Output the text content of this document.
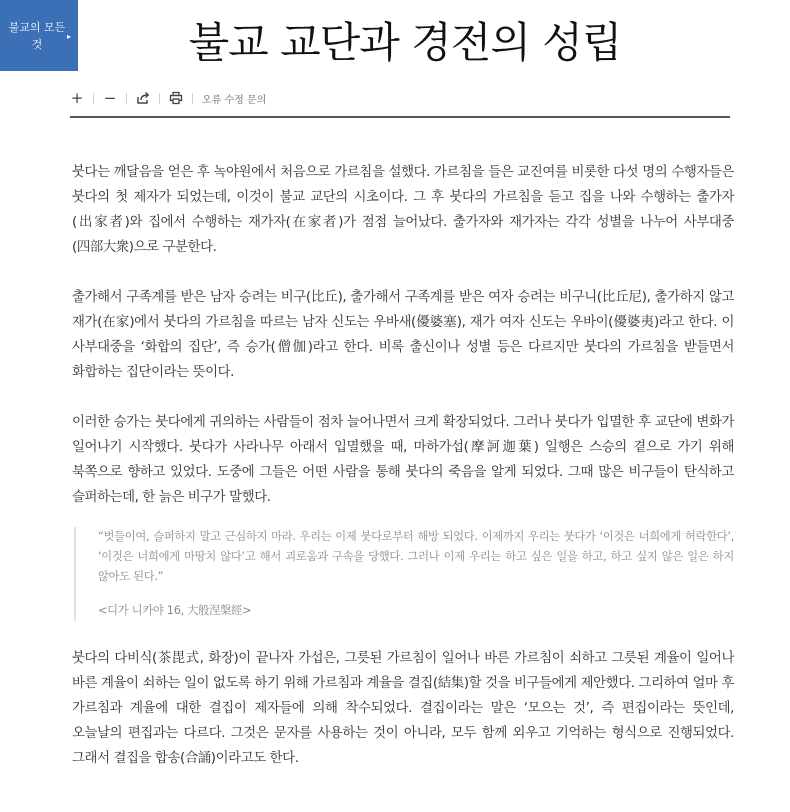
불교의 모든 것
▸	불교 교단과 경전의 성립
+ −	오류 수정 문의

붓다는 깨달음을 얻은 후 녹야원에서 처음으로 가르침을 설했다. 가르침을 들은 교진여를 비롯한 다섯 명의 수행자들은 붓다의 첫 제자가 되었는데, 이것이 불교 교단의 시초이다. 그 후 붓다의 가르침을 듣고 집을 나와 수행하는 출가자(出家者)와 집에서 수행하는 재가자(在家者)가 점점 늘어났다. 출가자와 재가자는 각각 성별을 나누어 사부대중(四部大衆)으로 구분한다.

출가해서 구족계를 받은 남자 승려는 비구(比丘), 출가해서 구족계를 받은 여자 승려는 비구니(比丘尼), 출가하지 않고 재가(在家)에서 붓다의 가르침을 따르는 남자 신도는 우바새(優婆塞), 재가 여자 신도는 우바이(優婆夷)라고 한다. 이 사부대중을 ‘화합의 집단’, 즉 승가(僧伽)라고 한다. 비록 출신이나 성별 등은 다르지만 붓다의 가르침을 받들면서 화합하는 집단이라는 뜻이다.

이러한 승가는 붓다에게 귀의하는 사람들이 점차 늘어나면서 크게 확장되었다. 그러나 붓다가 입멸한 후 교단에 변화가 일어나기 시작했다. 붓다가 사라나무 아래서 입멸했을 때, 마하가섭(摩訶迦葉) 일행은 스승의 곁으로 가기 위해 북쪽으로 향하고 있었다. 도중에 그들은 어떤 사람을 통해 붓다의 죽음을 알게 되었다. 그때 많은 비구들이 탄식하고 슬퍼하는데, 한 늙은 비구가 말했다.

“벗들이여, 슬퍼하지 말고 근심하지 마라. 우리는 이제 붓다로부터 해방 되었다. 이제까지 우리는 붓다가 ‘이것은 너희에게 허락한다’, ‘이것은 너희에게 마땅치 않다’고 해서 괴로움과 구속을 당했다. 그러나 이제 우리는 하고 싶은 일을 하고, 하고 싶지 않은 일은 하지 않아도 된다.”
<디가 니카야 16, 大般涅槃經>

붓다의 다비식(茶毘式, 화장)이 끝나자 가섭은, 그릇된 가르침이 일어나 바른 가르침이 쇠하고 그릇된 계율이 일어나 바른 계율이 쇠하는 일이 없도록 하기 위해 가르침과 계율을 결집(結集)할 것을 비구들에게 제안했다. 그리하여 얼마 후 가르침과 계율에 대한 결집이 제자들에 의해 착수되었다. 결집이라는 말은 ‘모으는 것’, 즉 편집이라는 뜻인데, 오늘날의 편집과는 다르다. 그것은 문자를 사용하는 것이 아니라, 모두 함께 외우고 기억하는 형식으로 진행되었다. 그래서 결집을 합송(合誦)이라고도 한다.
